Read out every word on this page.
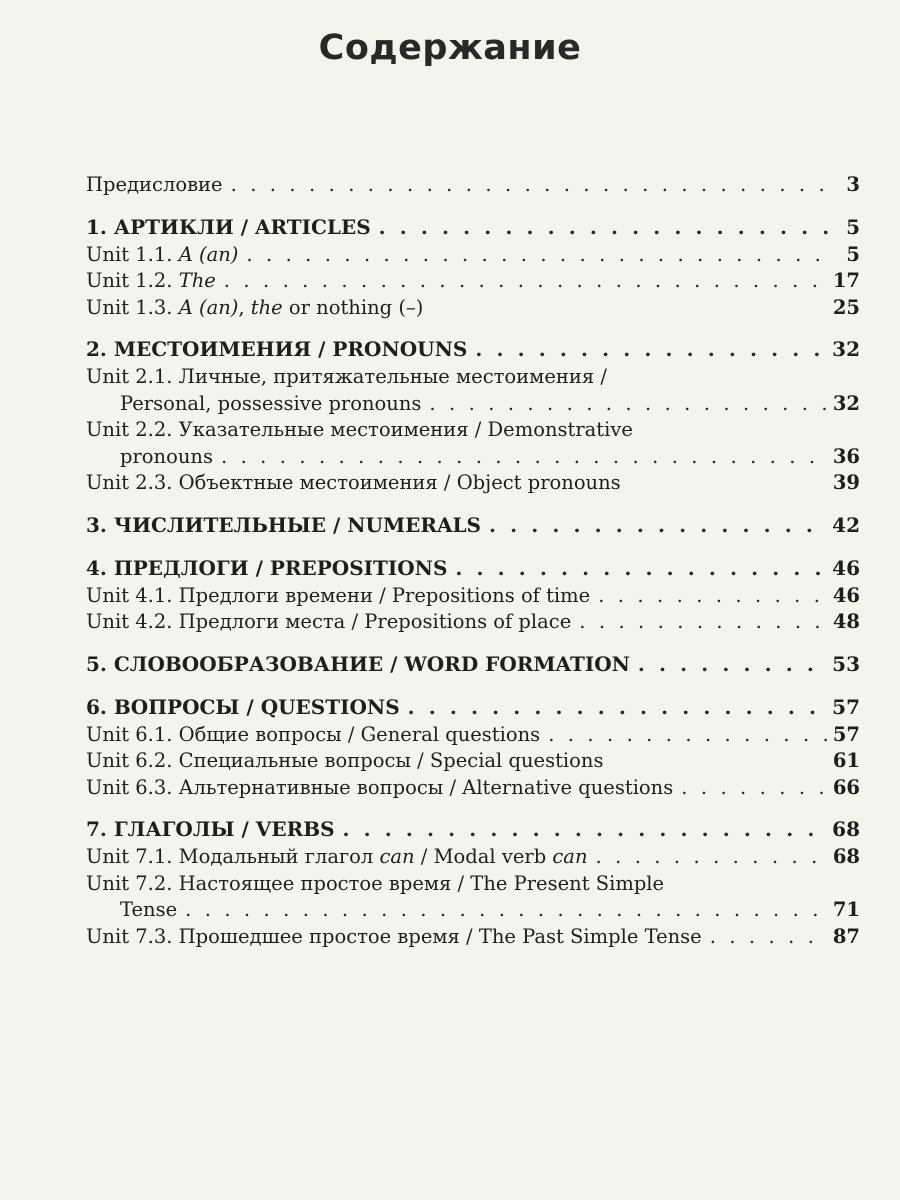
Содержание
Предисловие . . .	3
1. АРТИКЛИ / ARTICLES . . .	5
Unit 1.1. A (an) . . .	5
Unit 1.2. The . . .	17
Unit 1.3. A (an), the or nothing (–)	25
2. МЕСТОИМЕНИЯ / PRONOUNS . . .	32
Unit 2.1. Личные, притяжательные местоимения /
Personal, possessive pronouns . . .	32
Unit 2.2. Указательные местоимения / Demonstrative
pronouns . . .	36
Unit 2.3. Объектные местоимения / Object pronouns	39
3. ЧИСЛИТЕЛЬНЫЕ / NUMERALS . . .	42
4. ПРЕДЛОГИ / PREPOSITIONS . . .	46
Unit 4.1. Предлоги времени / Prepositions of time . . .	46
Unit 4.2. Предлоги места / Prepositions of place . . .	48
5. СЛОВООБРАЗОВАНИЕ / WORD FORMATION . . .	53
6. ВОПРОСЫ / QUESTIONS . . .	57
Unit 6.1. Общие вопросы / General questions . . .	57
Unit 6.2. Специальные вопросы / Special questions	61
Unit 6.3. Альтернативные вопросы / Alternative questions . . .	66
7. ГЛАГОЛЫ / VERBS . . .	68
Unit 7.1. Модальный глагол can / Modal verb can . . .	68
Unit 7.2. Настоящее простое время / The Present Simple
Tense . . .	71
Unit 7.3. Прошедшее простое время / The Past Simple Tense . . .	87
